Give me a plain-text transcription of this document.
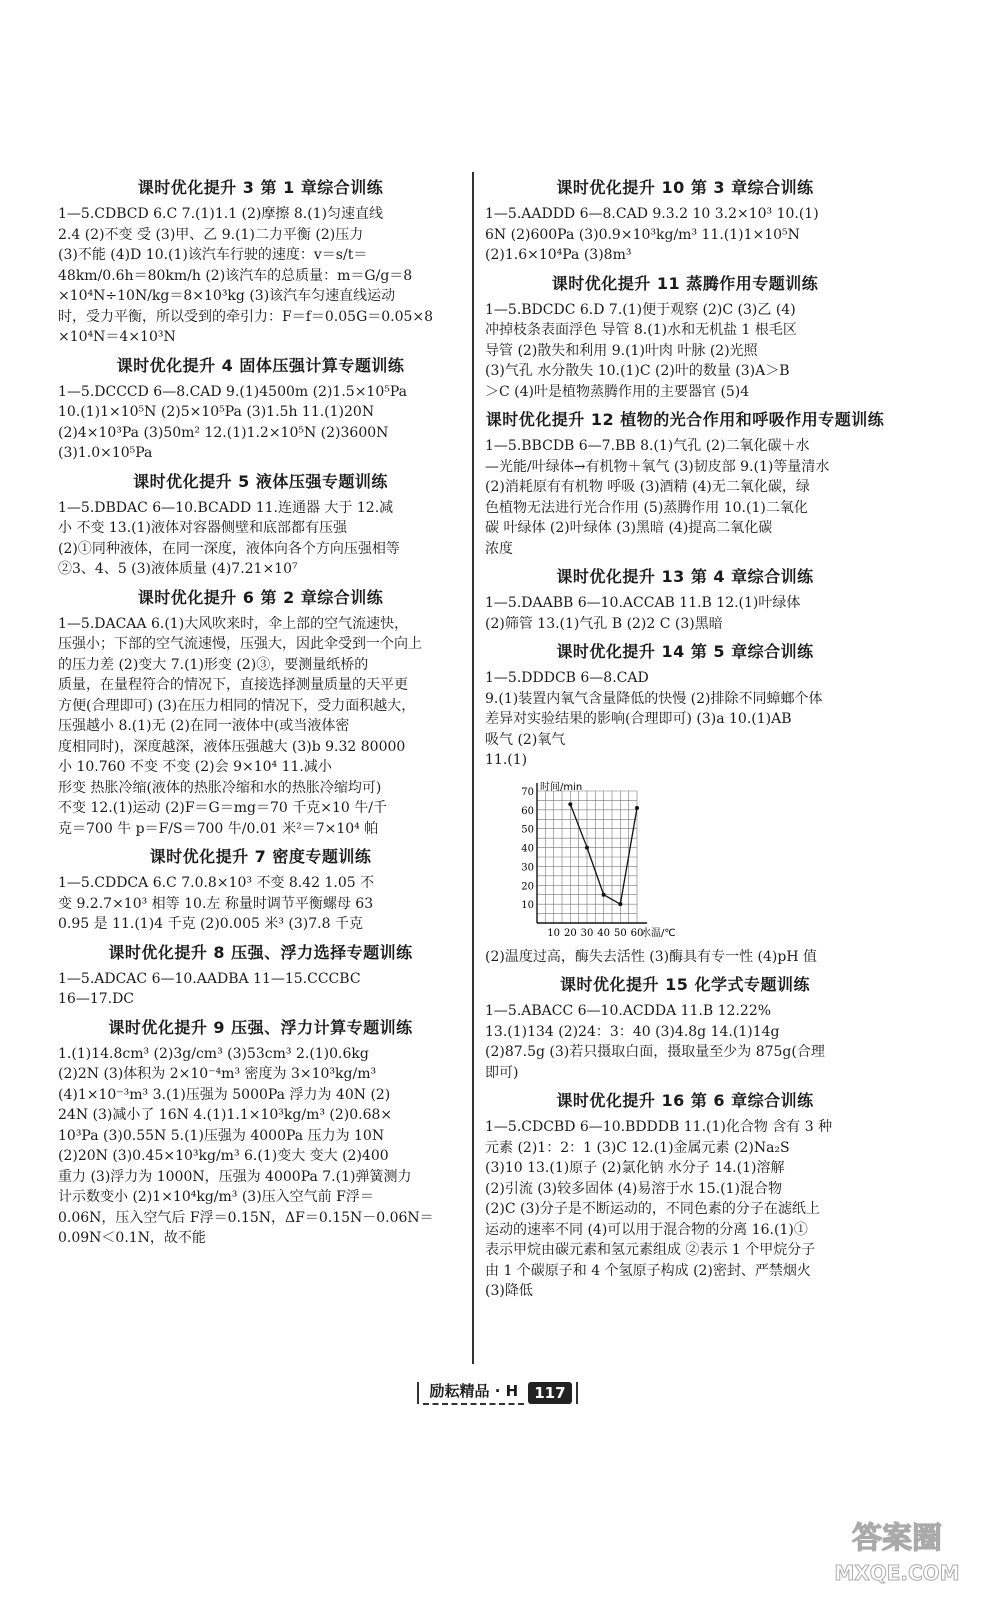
课时优化提升 3 第 1 章综合训练

1—5.CDBCD 6.C 7.(1)1.1 (2)摩擦 8.(1)匀速直线

2.4 (2)不变 受 (3)甲、乙 9.(1)二力平衡 (2)压力

(3)不能 (4)D 10.(1)该汽车行驶的速度：v＝s/t＝

48km/0.6h＝80km/h (2)该汽车的总质量：m＝G/g＝8

×10⁴N÷10N/kg＝8×10³kg (3)该汽车匀速直线运动

时，受力平衡，所以受到的牵引力：F＝f＝0.05G＝0.05×8

×10⁴N＝4×10³N

课时优化提升 4 固体压强计算专题训练

1—5.DCCCD 6—8.CAD 9.(1)4500m (2)1.5×10⁵Pa

10.(1)1×10⁵N (2)5×10⁵Pa (3)1.5h 11.(1)20N

(2)4×10³Pa (3)50m² 12.(1)1.2×10⁵N (2)3600N

(3)1.0×10⁵Pa

课时优化提升 5 液体压强专题训练

1—5.DBDAC 6—10.BCADD 11.连通器 大于 12.减

小 不变 13.(1)液体对容器侧壁和底部都有压强

(2)①同种液体，在同一深度，液体向各个方向压强相等

②3、4、5 (3)液体质量 (4)7.21×10⁷

课时优化提升 6 第 2 章综合训练

1—5.DACAA 6.(1)大风吹来时，伞上部的空气流速快，

压强小；下部的空气流速慢，压强大，因此伞受到一个向上

的压力差 (2)变大 7.(1)形变 (2)③，要测量纸桥的

质量，在量程符合的情况下，直接选择测量质量的天平更

方便(合理即可) (3)在压力相同的情况下，受力面积越大，

压强越小 8.(1)无 (2)在同一液体中(或当液体密

度相同时)，深度越深，液体压强越大 (3)b 9.32 80000

小 10.760 不变 不变 (2)会 9×10⁴ 11.减小

形变 热胀冷缩(液体的热胀冷缩和水的热胀冷缩均可)

不变 12.(1)运动 (2)F＝G＝mg＝70 千克×10 牛/千

克＝700 牛 p＝F/S＝700 牛/0.01 米²＝7×10⁴ 帕

课时优化提升 7 密度专题训练

1—5.CDDCA 6.C 7.0.8×10³ 不变 8.42 1.05 不

变 9.2.7×10³ 相等 10.左 称量时调节平衡螺母 63

0.95 是 11.(1)4 千克 (2)0.005 米³ (3)7.8 千克

课时优化提升 8 压强、浮力选择专题训练

1—5.ADCAC 6—10.AADBA 11—15.CCCBC

16—17.DC

课时优化提升 9 压强、浮力计算专题训练

1.(1)14.8cm³ (2)3g/cm³ (3)53cm³ 2.(1)0.6kg

(2)2N (3)体积为 2×10⁻⁴m³ 密度为 3×10³kg/m³

(4)1×10⁻³m³ 3.(1)压强为 5000Pa 浮力为 40N (2)

24N (3)减小了 16N 4.(1)1.1×10³kg/m³ (2)0.68×

10³Pa (3)0.55N 5.(1)压强为 4000Pa 压力为 10N

(2)20N (3)0.45×10³kg/m³ 6.(1)变大 变大 (2)400

重力 (3)浮力为 1000N，压强为 4000Pa 7.(1)弹簧测力

计示数变小 (2)1×10⁴kg/m³ (3)压入空气前 F浮＝

0.06N，压入空气后 F浮＝0.15N，ΔF＝0.15N－0.06N＝

0.09N＜0.1N，故不能

课时优化提升 10 第 3 章综合训练

1—5.AADDD 6—8.CAD 9.3.2 10 3.2×10³ 10.(1)

6N (2)600Pa (3)0.9×10³kg/m³ 11.(1)1×10⁵N

(2)1.6×10⁴Pa (3)8m³

课时优化提升 11 蒸腾作用专题训练

1—5.BDCDC 6.D 7.(1)便于观察 (2)C (3)乙 (4)

冲掉枝条表面浮色 导管 8.(1)水和无机盐 1 根毛区

导管 (2)散失和利用 9.(1)叶肉 叶脉 (2)光照

(3)气孔 水分散失 10.(1)C (2)叶的数量 (3)A＞B

＞C (4)叶是植物蒸腾作用的主要器官 (5)4

课时优化提升 12 植物的光合作用和呼吸作用专题训练

1—5.BBCDB 6—7.BB 8.(1)气孔 (2)二氧化碳＋水

—光能/叶绿体→有机物＋氧气 (3)韧皮部 9.(1)等量清水

(2)消耗原有有机物 呼吸 (3)酒精 (4)无二氧化碳，绿

色植物无法进行光合作用 (5)蒸腾作用 10.(1)二氧化

碳 叶绿体 (2)叶绿体 (3)黑暗 (4)提高二氧化碳

浓度

课时优化提升 13 第 4 章综合训练

1—5.DAABB 6—10.ACCAB 11.B 12.(1)叶绿体

(2)筛管 13.(1)气孔 B (2)2 C (3)黑暗

课时优化提升 14 第 5 章综合训练

1—5.DDDCB 6—8.CAD

9.(1)装置内氧气含量降低的快慢 (2)排除不同蟑螂个体

差异对实验结果的影响(合理即可) (3)a 10.(1)AB

吸气 (2)氧气

11.(1)

10
20
30
40
50
60
70
10 20 30 40 50 60
时间/min
水温/℃

(2)温度过高，酶失去活性 (3)酶具有专一性 (4)pH 值

课时优化提升 15 化学式专题训练

1—5.ABACC 6—10.ACDDA 11.B 12.22%

13.(1)134 (2)24：3：40 (3)4.8g 14.(1)14g

(2)87.5g (3)若只摄取白面，摄取量至少为 875g(合理

即可)

课时优化提升 16 第 6 章综合训练

1—5.CDCBD 6—10.BDDDB 11.(1)化合物 含有 3 种

元素 (2)1：2：1 (3)C 12.(1)金属元素 (2)Na₂S

(3)10 13.(1)原子 (2)氯化钠 水分子 14.(1)溶解

(2)引流 (3)较多固体 (4)易溶于水 15.(1)混合物

(2)C (3)分子是不断运动的，不同色素的分子在滤纸上

运动的速率不同 (4)可以用于混合物的分离 16.(1)①

表示甲烷由碳元素和氢元素组成 ②表示 1 个甲烷分子

由 1 个碳原子和 4 个氢原子构成 (2)密封、严禁烟火

(3)降低

励耘精品 · H	117
答案圈
MXQE.COM
